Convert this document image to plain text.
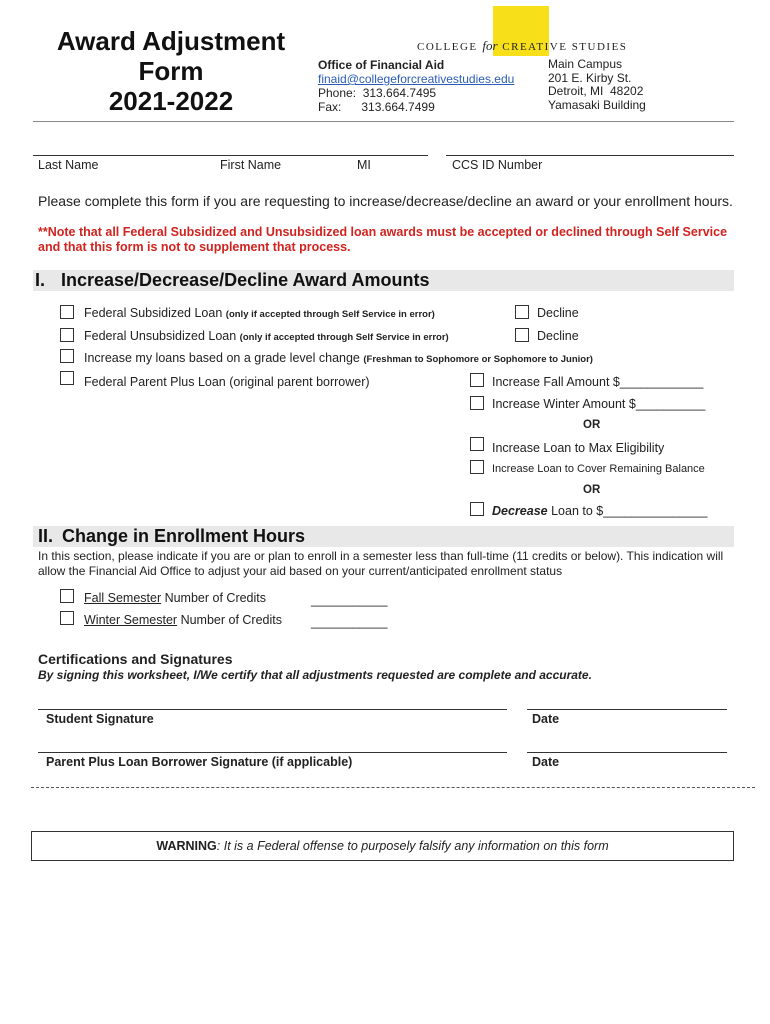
Award Adjustment
Form
2021-2022
COLLEGE for CREATIVE STUDIES
Office of Financial Aid
finaid@collegeforcreativestudies.edu
Phone:  313.664.7495
Fax:      313.664.7499
Main Campus
201 E. Kirby St.
Detroit, MI  48202
Yamasaki Building
Last Name	First Name	MI	CCS ID Number
Please complete this form if you are requesting to increase/decrease/decline an award or your enrollment hours.
**Note that all Federal Subsidized and Unsubsidized loan awards must be accepted or declined through Self Service and that this form is not to supplement that process.
I. Increase/Decrease/Decline Award Amounts
Federal Subsidized Loan (only if accepted through Self Service in error)	Decline
Federal Unsubsidized Loan (only if accepted through Self Service in error)	Decline
Increase my loans based on a grade level change (Freshman to Sophomore or Sophomore to Junior)
Federal Parent Plus Loan (original parent borrower)	Increase Fall Amount $____________
Increase Winter Amount $__________
OR
Increase Loan to Max Eligibility
Increase Loan to Cover Remaining Balance
OR
Decrease Loan to $_______________
II. Change in Enrollment Hours
In this section, please indicate if you are or plan to enroll in a semester less than full-time (11 credits or below). This indication will allow the Financial Aid Office to adjust your aid based on your current/anticipated enrollment status
Fall Semester Number of Credits	___________
Winter Semester Number of Credits ___________
Certifications and Signatures
By signing this worksheet, I/We certify that all adjustments requested are complete and accurate.
Student Signature	Date
Parent Plus Loan Borrower Signature (if applicable)	Date
WARNING: It is a Federal offense to purposely falsify any information on this form
